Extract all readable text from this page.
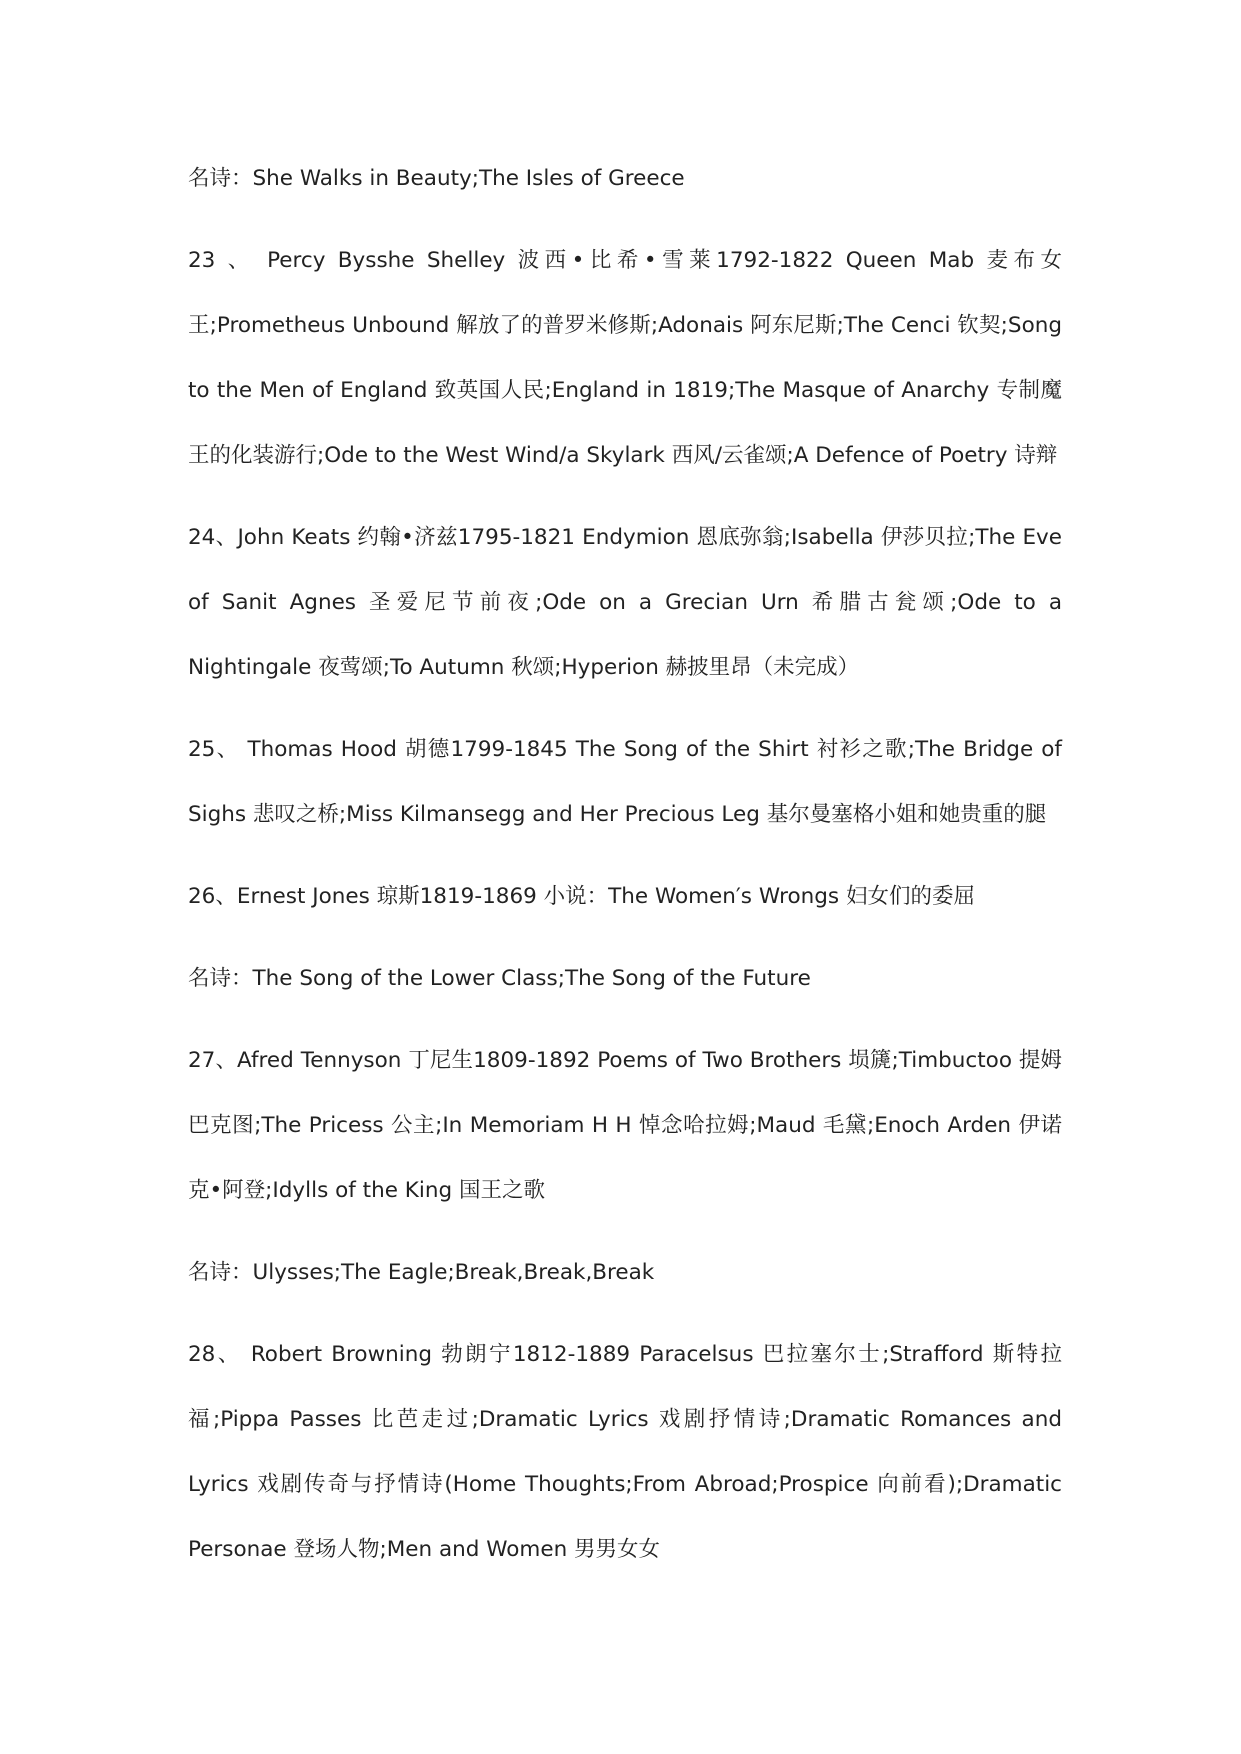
名诗：She Walks in Beauty;The Isles of Greece

23 、 Percy Bysshe Shelley 波西•比希•雪莱1792-1822 Queen Mab 麦布女王;Prometheus Unbound 解放了的普罗米修斯;Adonais 阿东尼斯;The Cenci 钦契;Song to the Men of England 致英国人民;England in 1819;The Masque of Anarchy 专制魔王的化装游行;Ode to the West Wind/a Skylark 西风/云雀颂;A Defence of Poetry 诗辩

24、John Keats 约翰•济兹1795-1821 Endymion 恩底弥翁;Isabella 伊莎贝拉;The Eve of Sanit Agnes 圣爱尼节前夜;Ode on a Grecian Urn 希腊古瓮颂;Ode to a Nightingale 夜莺颂;To Autumn 秋颂;Hyperion 赫披里昂（未完成）

25、 Thomas Hood 胡德1799-1845 The Song of the Shirt 衬衫之歌;The Bridge of Sighs 悲叹之桥;Miss Kilmansegg and Her Precious Leg 基尔曼塞格小姐和她贵重的腿

26、Ernest Jones 琼斯1819-1869 小说：The Women′s Wrongs 妇女们的委屈

名诗：The Song of the Lower Class;The Song of the Future

27、Afred Tennyson 丁尼生1809-1892 Poems of Two Brothers 埙篪;Timbuctoo 提姆巴克图;The Pricess 公主;In Memoriam H H 悼念哈拉姆;Maud 毛黛;Enoch Arden 伊诺克•阿登;Idylls of the King 国王之歌

名诗：Ulysses;The Eagle;Break,Break,Break

28、 Robert Browning 勃朗宁1812-1889 Paracelsus 巴拉塞尔士;Strafford 斯特拉福;Pippa Passes 比芭走过;Dramatic Lyrics 戏剧抒情诗;Dramatic Romances and Lyrics 戏剧传奇与抒情诗(Home Thoughts;From Abroad;Prospice 向前看);Dramatic Personae 登场人物;Men and Women 男男女女
